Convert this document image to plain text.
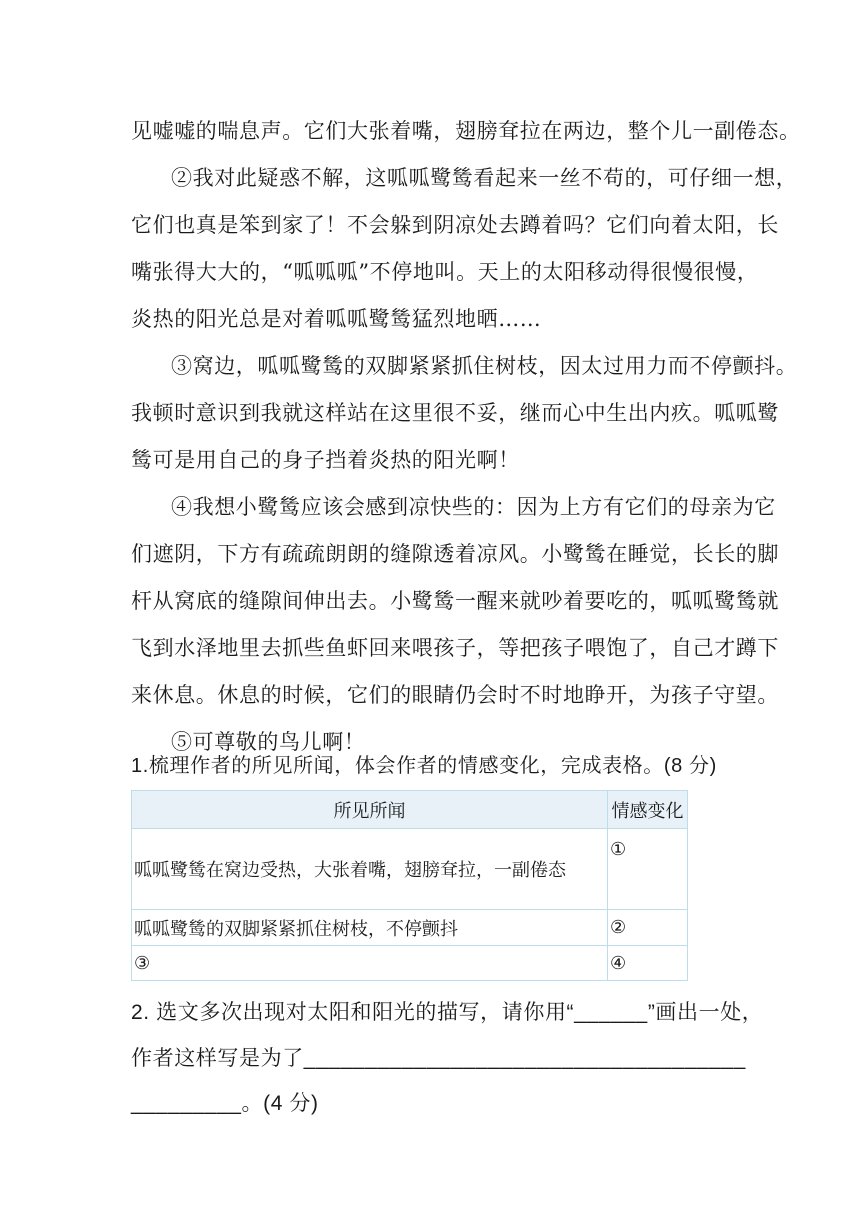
见嘘嘘的喘息声。它们大张着嘴，翅膀耷拉在两边，整个儿一副倦态。
②我对此疑惑不解，这呱呱鹭鸶看起来一丝不苟的，可仔细一想，
它们也真是笨到家了！不会躲到阴凉处去蹲着吗？它们向着太阳，长
嘴张得大大的，“呱呱呱”不停地叫。天上的太阳移动得很慢很慢，
炎热的阳光总是对着呱呱鹭鸶猛烈地晒……
③窝边，呱呱鹭鸶的双脚紧紧抓住树枝，因太过用力而不停颤抖。
我顿时意识到我就这样站在这里很不妥，继而心中生出内疚。呱呱鹭
鸶可是用自己的身子挡着炎热的阳光啊！
④我想小鹭鸶应该会感到凉快些的：因为上方有它们的母亲为它
们遮阴，下方有疏疏朗朗的缝隙透着凉风。小鹭鸶在睡觉，长长的脚
杆从窝底的缝隙间伸出去。小鹭鸶一醒来就吵着要吃的，呱呱鹭鸶就
飞到水泽地里去抓些鱼虾回来喂孩子，等把孩子喂饱了，自己才蹲下
来休息。休息的时候，它们的眼睛仍会时不时地睁开，为孩子守望。
⑤可尊敬的鸟儿啊！
1.梳理作者的所见所闻，体会作者的情感变化，完成表格。(8 分)
所见所闻	情感变化
呱呱鹭鸶在窝边受热，大张着嘴，翅膀耷拉，一副倦态	①
呱呱鹭鸶的双脚紧紧抓住树枝，不停颤抖	②
③	④
2. 选文多次出现对太阳和阳光的描写，请你用“______”画出一处，
作者这样写是为了____________________________________
_________。(4 分)
